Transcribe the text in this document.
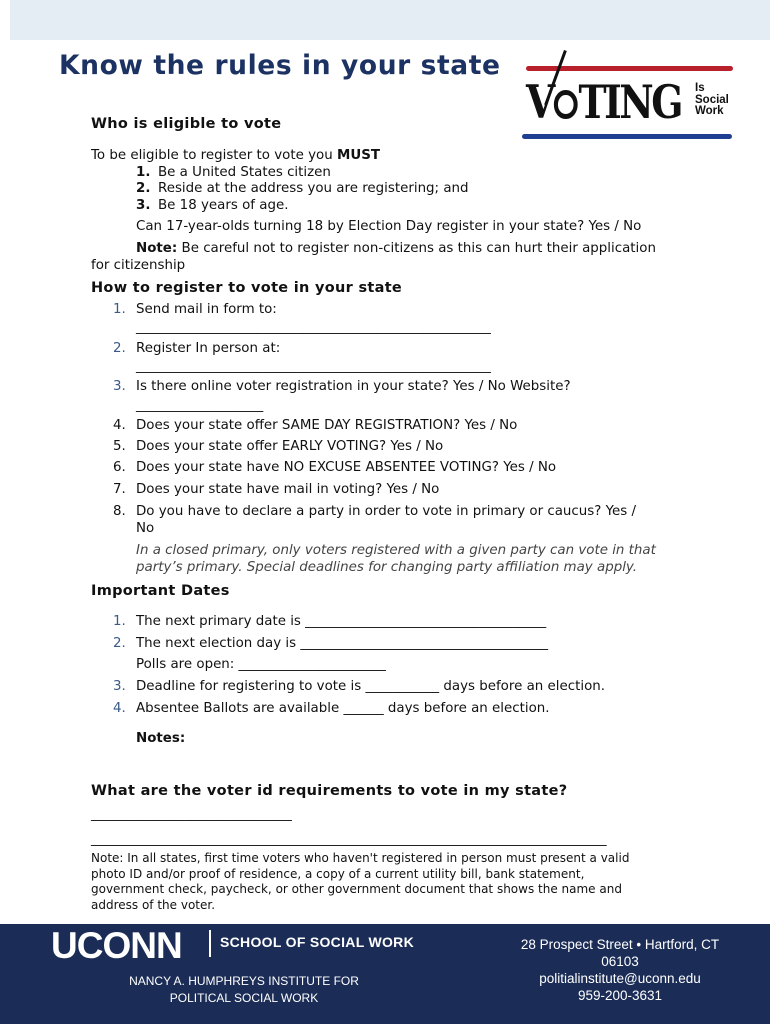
Know the rules in your state
V TING Is
Social
Work
Who is eligible to vote

To be eligible to register to vote you MUST

1. Be a United States citizen

2. Reside at the address you are registering; and

3. Be 18 years of age.

Can 17-year-olds turning 18 by Election Day register in your state? Yes / No

Note: Be careful not to register non-citizens as this can hurt their application

for citizenship

How to register to vote in your state
1. Send mail in form to:

_____________________________________________________

2. Register In person at:

_____________________________________________________

3. Is there online voter registration in your state? Yes / No Website?

___________________

4. Does your state offer SAME DAY REGISTRATION? Yes / No

5. Does your state offer EARLY VOTING? Yes / No

6. Does your state have NO EXCUSE ABSENTEE VOTING? Yes / No

7. Does your state have mail in voting? Yes / No

8. Do you have to declare a party in order to vote in primary or caucus? Yes /

No

In a closed primary, only voters registered with a given party can vote in that

party’s primary. Special deadlines for changing party affiliation may apply.

Important Dates
1. The next primary date is ____________________________________

2. The next election day is _____________________________________

Polls are open: ______________________

3. Deadline for registering to vote is ___________ days before an election.

4. Absentee Ballots are available ______ days before an election.

Notes:

What are the voter id requirements to vote in my state?

______________________________

_____________________________________________________________________________

Note: In all states, first time voters who haven't registered in person must present a valid
photo ID and/or proof of residence, a copy of a current utility bill, bank statement,
government check, paycheck, or other government document that shows the name and
address of the voter.
UCONN	SCHOOL OF SOCIAL WORK
NANCY A. HUMPHREYS INSTITUTE FOR
POLITICAL SOCIAL WORK
28 Prospect Street • Hartford, CT
06103
politialinstitute@uconn.edu
959-200-3631
